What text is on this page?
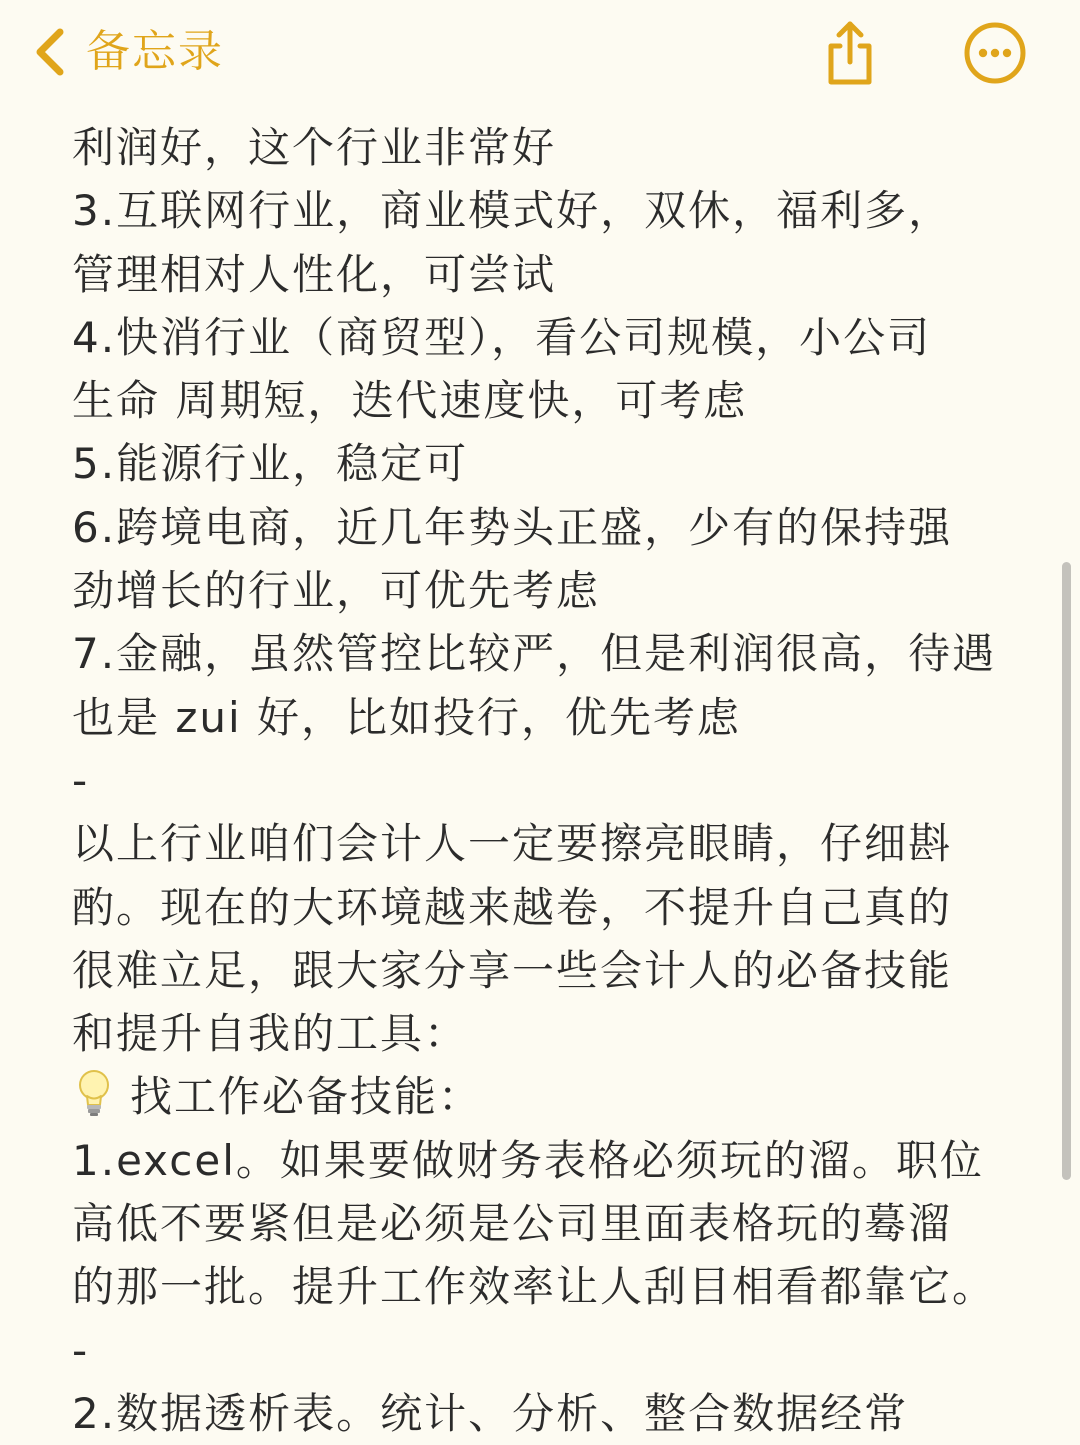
备忘录
利润好，这个行业非常好
3.互联网行业，商业模式好，双休，福利多，
管理相对人性化，可尝试
4.快消行业（商贸型），看公司规模，小公司
生命 周期短，迭代速度快，可考虑
5.能源行业，稳定可
6.跨境电商，近几年势头正盛，少有的保持强
劲增长的行业，可优先考虑
7.金融，虽然管控比较严，但是利润很高，待遇
也是 zui 好，比如投行，优先考虑
-
以上行业咱们会计人一定要擦亮眼睛，仔细斟
酌。现在的大环境越来越卷，不提升自己真的
很难立足，跟大家分享一些会计人的必备技能
和提升自我的工具：
找工作必备技能：
1.excel。如果要做财务表格必须玩的溜。职位
高低不要紧但是必须是公司里面表格玩的蓦溜
的那一批。提升工作效率让人刮目相看都靠它。
-
2.数据透析表。统计、分析、整合数据经常
